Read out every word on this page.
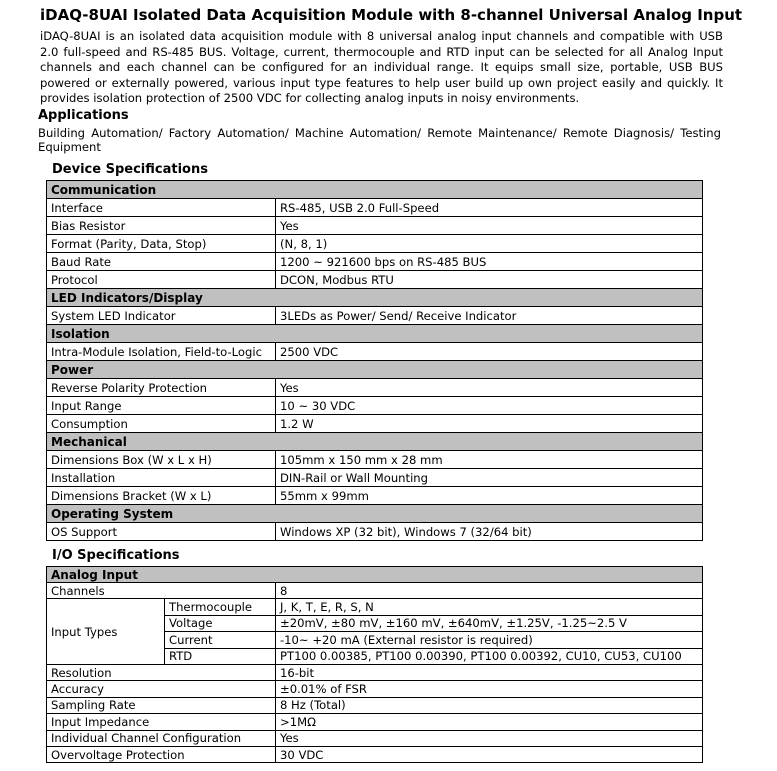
iDAQ-8UAI Isolated Data Acquisition Module with 8-channel Universal Analog Input
iDAQ-8UAI is an isolated data acquisition module with 8 universal analog input channels and compatible with USB 2.0 full-speed and RS-485 BUS. Voltage, current, thermocouple and RTD input can be selected for all Analog Input channels and each channel can be configured for an individual range. It equips small size, portable, USB BUS powered or externally powered, various input type features to help user build up own project easily and quickly. It provides isolation protection of 2500 VDC for collecting analog inputs in noisy environments.
Applications
Building Automation/ Factory Automation/ Machine Automation/ Remote Maintenance/ Remote Diagnosis/ Testing Equipment
Device Specifications
Communication	
Interface	RS-485, USB 2.0 Full-Speed
Bias Resistor	Yes
Format (Parity, Data, Stop)	(N, 8, 1)
Baud Rate	1200 ~ 921600 bps on RS-485 BUS
Protocol	DCON, Modbus RTU
LED Indicators/Display	
System LED Indicator	3LEDs as Power/ Send/ Receive Indicator
Isolation	
Intra-Module Isolation, Field-to-Logic	2500 VDC
Power	
Reverse Polarity Protection	Yes
Input Range	10 ~ 30 VDC
Consumption	1.2 W
Mechanical	
Dimensions Box (W x L x H)	105mm x 150 mm x 28 mm
Installation	DIN-Rail or Wall Mounting
Dimensions Bracket (W x L)	55mm x 99mm
Operating System	
OS Support	Windows XP (32 bit), Windows 7 (32/64 bit)
I/O Specifications
Analog Input		
Channels		8
Input Types	Thermocouple	J, K, T, E, R, S, N
	Voltage	±20mV, ±80 mV, ±160 mV, ±640mV, ±1.25V, -1.25~2.5 V
	Current	-10~ +20 mA (External resistor is required)
	RTD	PT100 0.00385, PT100 0.00390, PT100 0.00392, CU10, CU53, CU100
Resolution		16-bit
Accuracy		±0.01% of FSR
Sampling Rate		8 Hz (Total)
Input Impedance		>1MΩ
Individual Channel Configuration		Yes
Overvoltage Protection		30 VDC
